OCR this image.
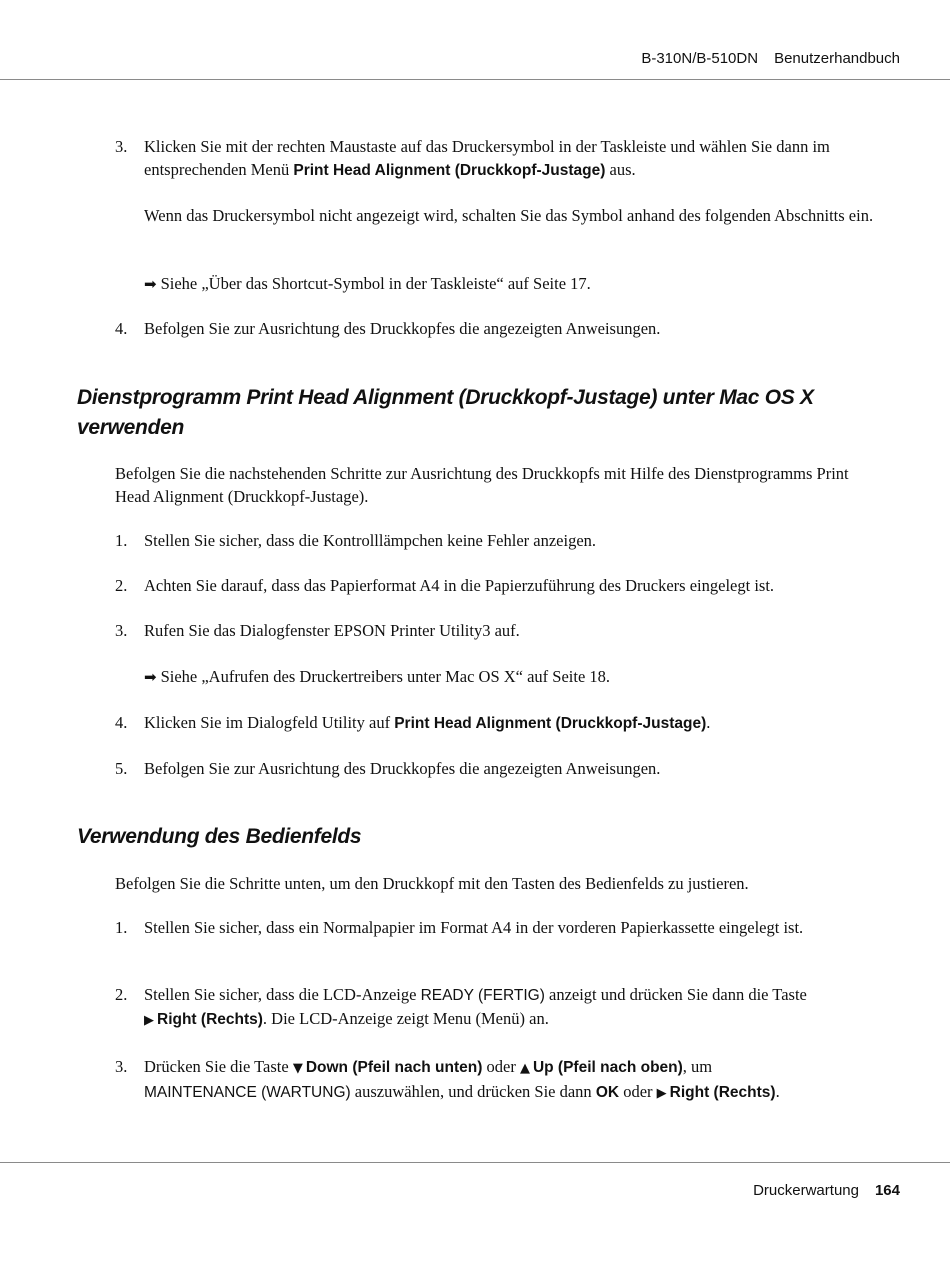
B-310N/B-510DN Benutzerhandbuch
3.	Klicken Sie mit der rechten Maustaste auf das Druckersymbol in der Taskleiste und wählen Sie dann im entsprechenden Menü Print Head Alignment (Druckkopf-Justage) aus.
Wenn das Druckersymbol nicht angezeigt wird, schalten Sie das Symbol anhand des folgenden Abschnitts ein.
➡ Siehe „Über das Shortcut-Symbol in der Taskleiste“ auf Seite 17.
4.	Befolgen Sie zur Ausrichtung des Druckkopfes die angezeigten Anweisungen.
Dienstprogramm Print Head Alignment (Druckkopf-Justage) unter Mac OS X verwenden
Befolgen Sie die nachstehenden Schritte zur Ausrichtung des Druckkopfs mit Hilfe des Dienstprogramms Print Head Alignment (Druckkopf-Justage).
1.	Stellen Sie sicher, dass die Kontrolllämpchen keine Fehler anzeigen.
2.	Achten Sie darauf, dass das Papierformat A4 in die Papierzuführung des Druckers eingelegt ist.
3.	Rufen Sie das Dialogfenster EPSON Printer Utility3 auf.
➡ Siehe „Aufrufen des Druckertreibers unter Mac OS X“ auf Seite 18.
4.	Klicken Sie im Dialogfeld Utility auf Print Head Alignment (Druckkopf-Justage).
5.	Befolgen Sie zur Ausrichtung des Druckkopfes die angezeigten Anweisungen.
Verwendung des Bedienfelds
Befolgen Sie die Schritte unten, um den Druckkopf mit den Tasten des Bedienfelds zu justieren.
1.	Stellen Sie sicher, dass ein Normalpapier im Format A4 in der vorderen Papierkassette eingelegt ist.
2.	Stellen Sie sicher, dass die LCD-Anzeige READY (FERTIG) anzeigt und drücken Sie dann die Taste
▶ Right (Rechts). Die LCD-Anzeige zeigt Menu (Menü) an.
3.	Drücken Sie die Taste ▼ Down (Pfeil nach unten) oder ▲ Up (Pfeil nach oben), um
MAINTENANCE (WARTUNG) auszuwählen, und drücken Sie dann OK oder ▶ Right (Rechts).
Druckerwartung 164
